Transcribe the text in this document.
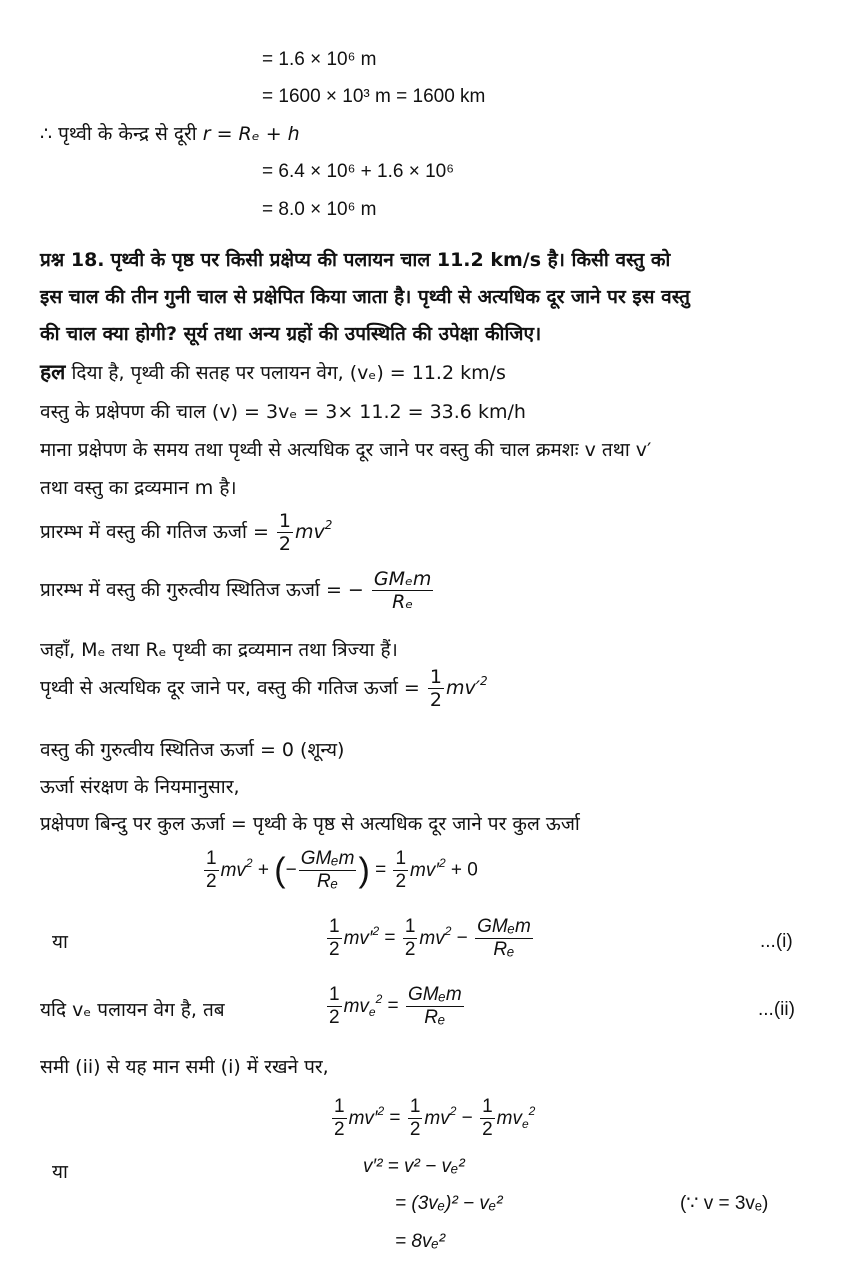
= 1.6 × 10⁶ m
= 1600 × 10³ m = 1600 km
∴ पृथ्वी के केन्द्र से दूरी r = Rₑ + h
= 6.4 × 10⁶ + 1.6 × 10⁶
= 8.0 × 10⁶ m
प्रश्न 18. पृथ्वी के पृष्ठ पर किसी प्रक्षेप्य की पलायन चाल 11.2 km/s है। किसी वस्तु को
इस चाल की तीन गुनी चाल से प्रक्षेपित किया जाता है। पृथ्वी से अत्यधिक दूर जाने पर इस वस्तु
की चाल क्या होगी? सूर्य तथा अन्य ग्रहों की उपस्थिति की उपेक्षा कीजिए।
हल दिया है, पृथ्वी की सतह पर पलायन वेग, (vₑ) = 11.2 km/s
वस्तु के प्रक्षेपण की चाल (v) = 3vₑ = 3× 11.2 = 33.6 km/h
माना प्रक्षेपण के समय तथा पृथ्वी से अत्यधिक दूर जाने पर वस्तु की चाल क्रमशः v तथा v′
तथा वस्तु का द्रव्यमान m है।
प्रारम्भ में वस्तु की गतिज ऊर्जा = $\frac{1}{2} mv^2$
प्रारम्भ में वस्तु की गुरुत्वीय स्थितिज ऊर्जा = − $\frac{\text{GMₑm}}{\text{Rₑ}}$
जहाँ, Mₑ तथा Rₑ पृथ्वी का द्रव्यमान तथा त्रिज्या हैं।
पृथ्वी से अत्यधिक दूर जाने पर, वस्तु की गतिज ऊर्जा = $\frac{1}{2} mv'^2$
वस्तु की गुरुत्वीय स्थितिज ऊर्जा = 0 (शून्य)
ऊर्जा संरक्षण के नियमानुसार,
प्रक्षेपण बिन्दु पर कुल ऊर्जा = पृथ्वी के पृष्ठ से अत्यधिक दूर जाने पर कुल ऊर्जा
$\frac{1}{2} mv^2$ + (− $\frac{\text{GMₑm}}{\text{Rₑ}}$ ) = $\frac{1}{2} mv'^2 + 0$
या	$\frac{1}{2} mv'^2 = \frac{1}{2} mv^2 - \frac{\text{GMₑm}}{\text{Rₑ}}$	...(i)
यदि vₑ पलायन वेग है, तब	$\frac{1}{2} mv_e^2 = \frac{\text{GMₑm}}{\text{Rₑ}}$	...(ii)
समी (ii) से यह मान समी (i) में रखने पर,
$\frac{1}{2} mv'^2 = \frac{1}{2} mv^2 - \frac{1}{2} mv_e^2$
या	v′² = v² − vₑ²
= (3vₑ)² − vₑ²	(∵ v = 3vₑ)
= 8vₑ²
